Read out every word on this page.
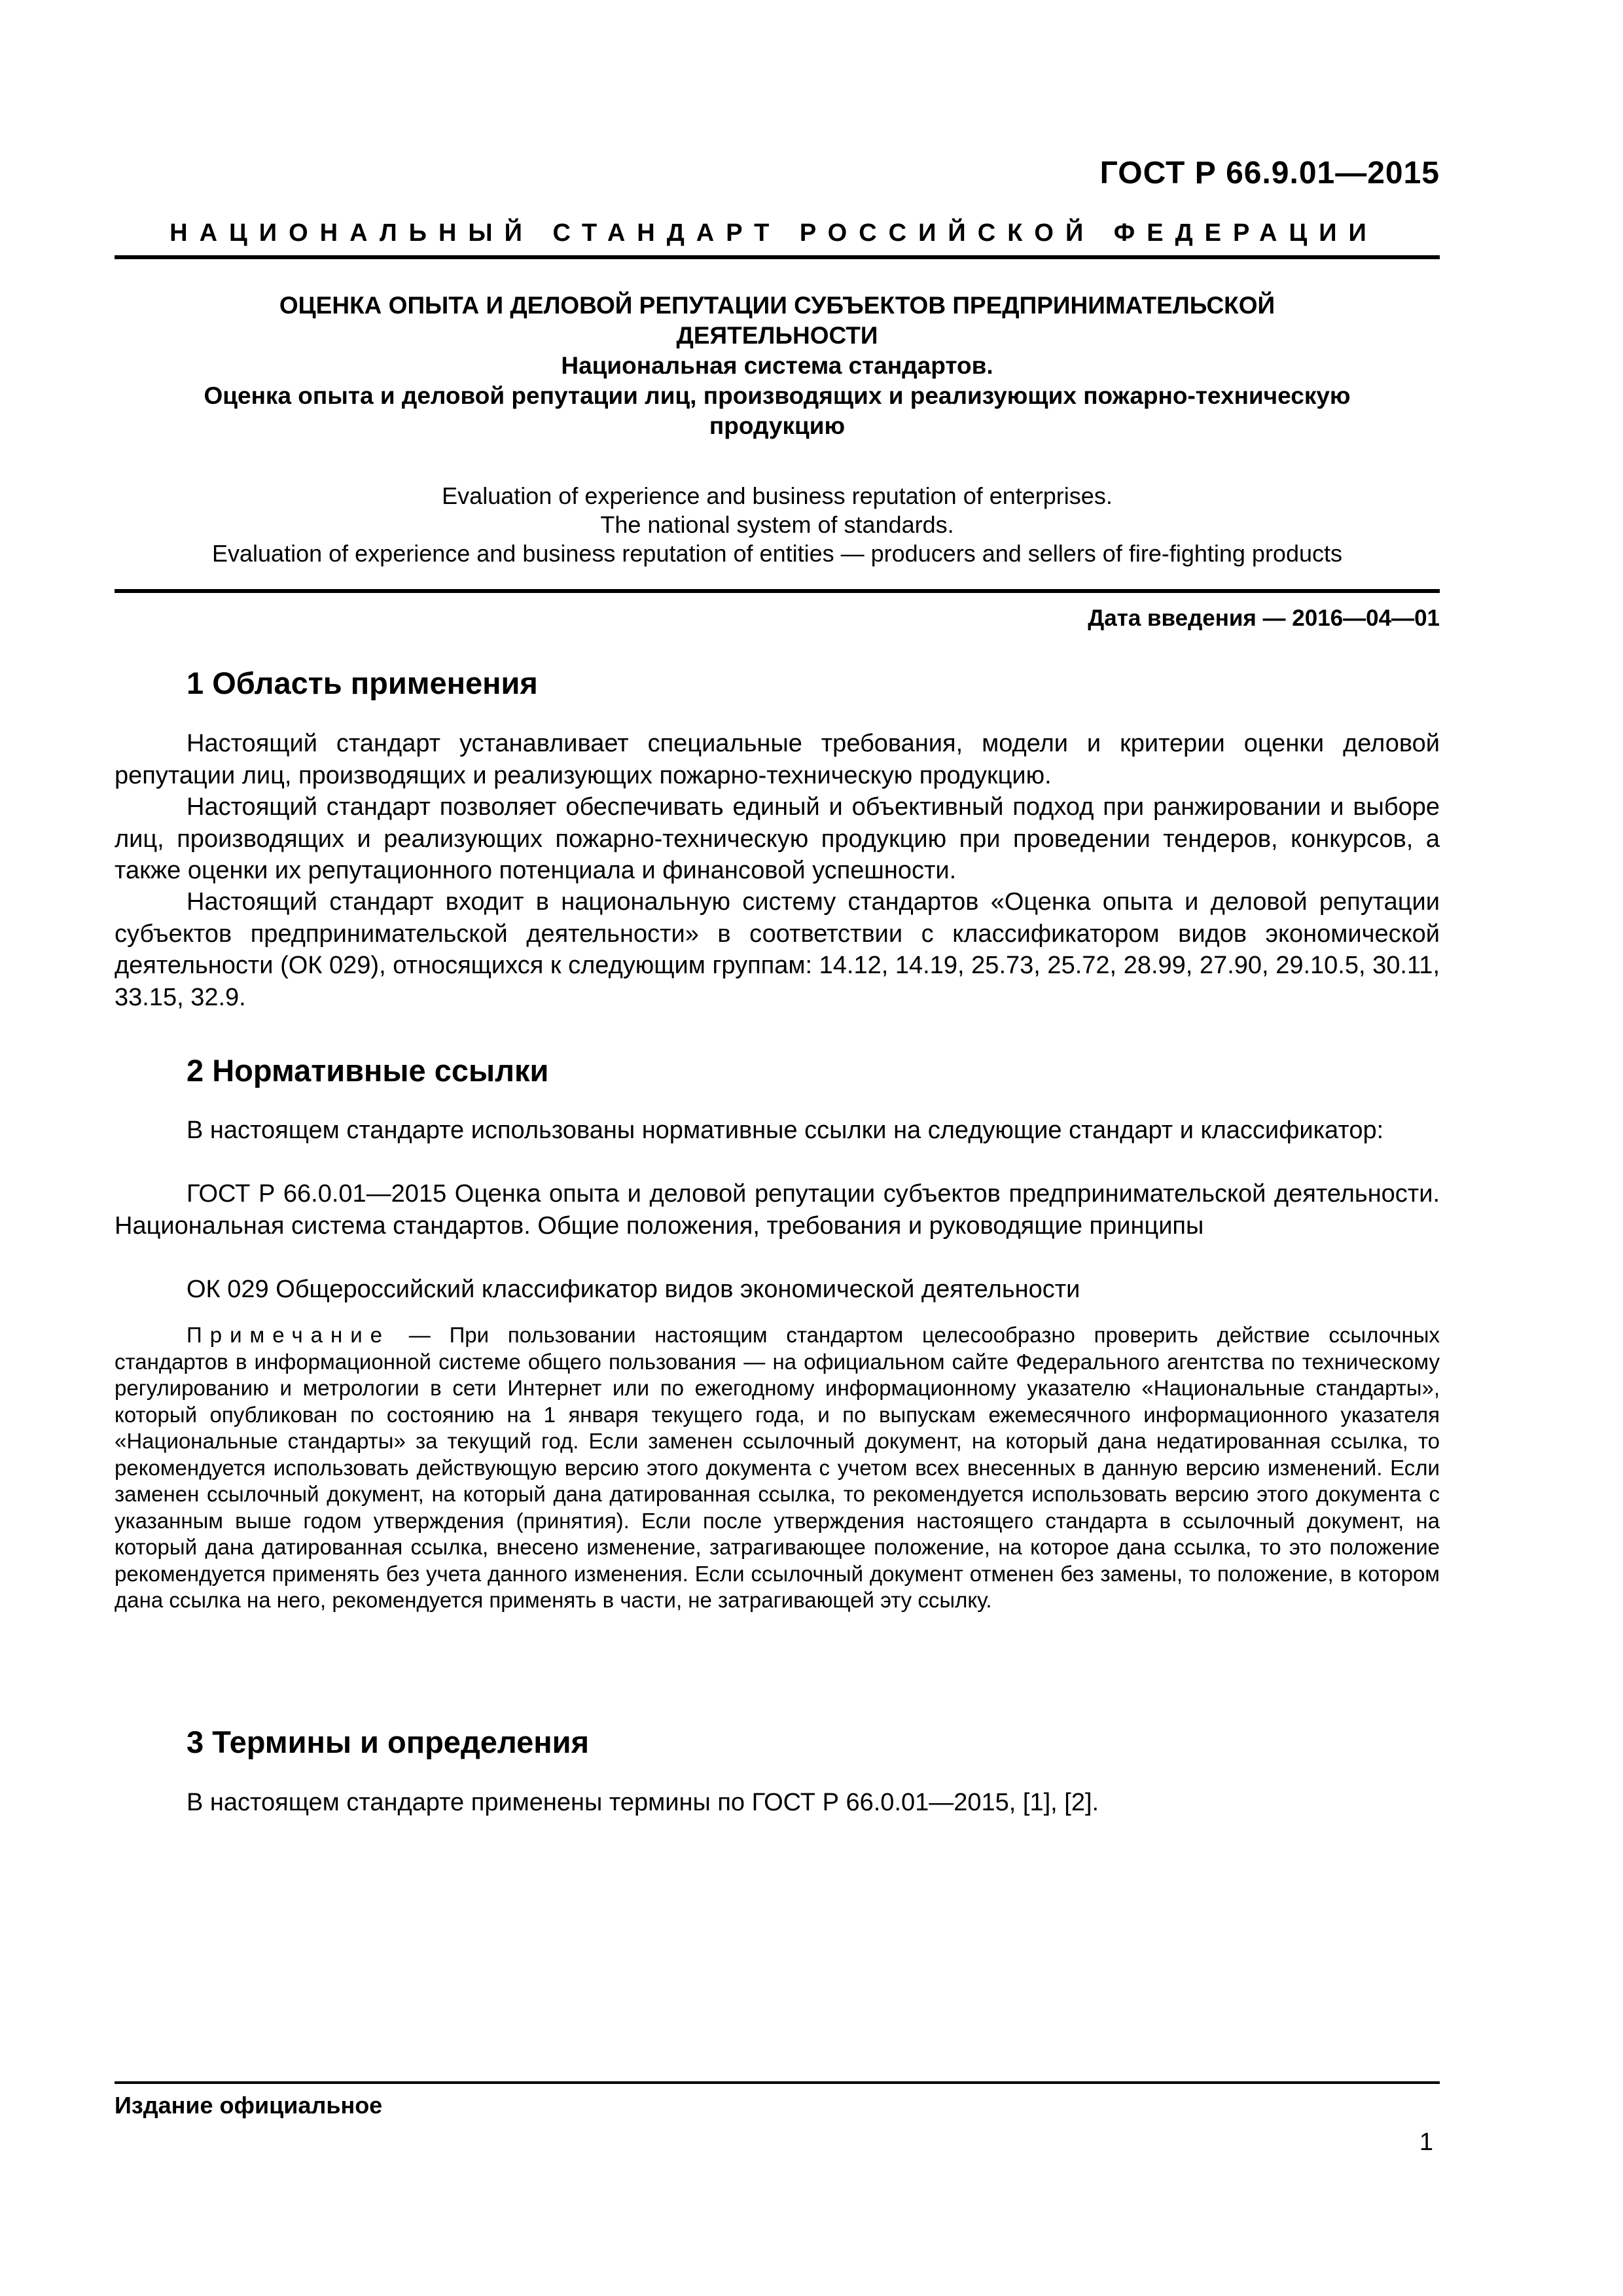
ГОСТ Р 66.9.01—2015
НАЦИОНАЛЬНЫЙ СТАНДАРТ РОССИЙСКОЙ ФЕДЕРАЦИИ
ОЦЕНКА ОПЫТА И ДЕЛОВОЙ РЕПУТАЦИИ СУБЪЕКТОВ ПРЕДПРИНИМАТЕЛЬСКОЙ
ДЕЯТЕЛЬНОСТИ
Национальная система стандартов.
Оценка опыта и деловой репутации лиц, производящих и реализующих пожарно-техническую
продукцию
Evaluation of experience and business reputation of enterprises.
The national system of standards.
Evaluation of experience and business reputation of entities — producers and sellers of fire-fighting products
Дата введения — 2016—04—01
1 Область применения

Настоящий стандарт устанавливает специальные требования, модели и критерии оценки деловой репутации лиц, производящих и реализующих пожарно-техническую продукцию.

Настоящий стандарт позволяет обеспечивать единый и объективный подход при ранжировании и выборе лиц, производящих и реализующих пожарно-техническую продукцию при проведении тендеров, конкурсов, а также оценки их репутационного потенциала и финансовой успешности.

Настоящий стандарт входит в национальную систему стандартов «Оценка опыта и деловой репутации субъектов предпринимательской деятельности» в соответствии с классификатором видов экономической деятельности (ОК 029), относящихся к следующим группам: 14.12, 14.19, 25.73, 25.72, 28.99, 27.90, 29.10.5, 30.11, 33.15, 32.9.

2 Нормативные ссылки

В настоящем стандарте использованы нормативные ссылки на следующие стандарт и классификатор:

ГОСТ Р 66.0.01—2015 Оценка опыта и деловой репутации субъектов предпринимательской деятельности. Национальная система стандартов. Общие положения, требования и руководящие принципы

ОК 029 Общероссийский классификатор видов экономической деятельности

Примечание — При пользовании настоящим стандартом целесообразно проверить действие ссылочных стандартов в информационной системе общего пользования — на официальном сайте Федерального агентства по техническому регулированию и метрологии в сети Интернет или по ежегодному информационному указателю «Национальные стандарты», который опубликован по состоянию на 1 января текущего года, и по выпускам ежемесячного информационного указателя «Национальные стандарты» за текущий год. Если заменен ссылочный документ, на который дана недатированная ссылка, то рекомендуется использовать действующую версию этого документа с учетом всех внесенных в данную версию изменений. Если заменен ссылочный документ, на который дана датированная ссылка, то рекомендуется использовать версию этого документа с указанным выше годом утверждения (принятия). Если после утверждения настоящего стандарта в ссылочный документ, на который дана датированная ссылка, внесено изменение, затрагивающее положение, на которое дана ссылка, то это положение рекомендуется применять без учета данного изменения. Если ссылочный документ отменен без замены, то положение, в котором дана ссылка на него, рекомендуется применять в части, не затрагивающей эту ссылку.

3 Термины и определения

В настоящем стандарте применены термины по ГОСТ Р 66.0.01—2015, [1], [2].

Издание официальное
1
